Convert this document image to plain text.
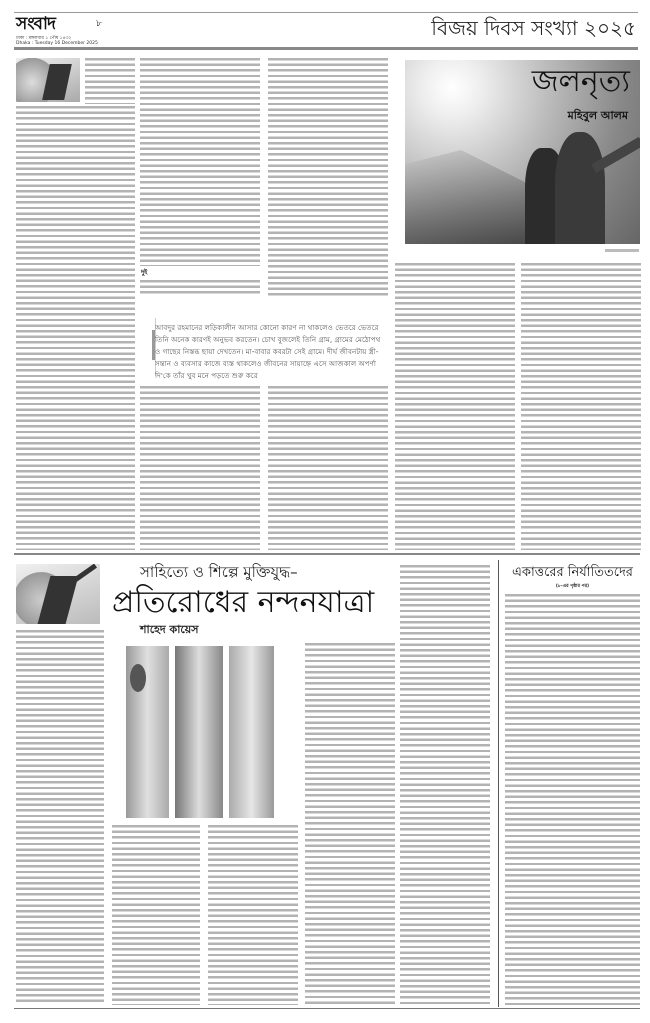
সংবাদ	৮
ঢাকা : মঙ্গলবার ১ পৌষ ১৪৩২
Dhaka : Tuesday 16 December 2025
বিজয় দিবস সংখ্যা ২০২৫
দুই
আবদুর রহমানের লড়িকালীন আসার কোনো কারণ না থাকলেও ভেতরে ভেতরে তিনি অনেক কারণই অনুভব করতেন। চোখ বুজলেই তিনি গ্রাম, গ্রামের মেঠোপথ ও গাছের নিস্তব্ধ ছায়া দেখতেন। মা-বাবার কবরটা সেই গ্রামে। দীর্ঘ জীবনটায় স্ত্রী-সন্তান ও ব্যবসার কাজে ব্যস্ত থাকলেও জীবনের সায়াহ্নে এসে আজকাল অপর্ণা দি'কে তাঁর খুব মনে পড়তে শুরু করে
জলনৃত্য
মহিবুল আলম
সাহিত্যে ও শিল্পে মুক্তিযুদ্ধ–
প্রতিরোধের নন্দনযাত্রা
শাহেদ কায়েস
একাত্তরের নির্যাতিতদের
(৮-এর পৃষ্ঠার পর)
